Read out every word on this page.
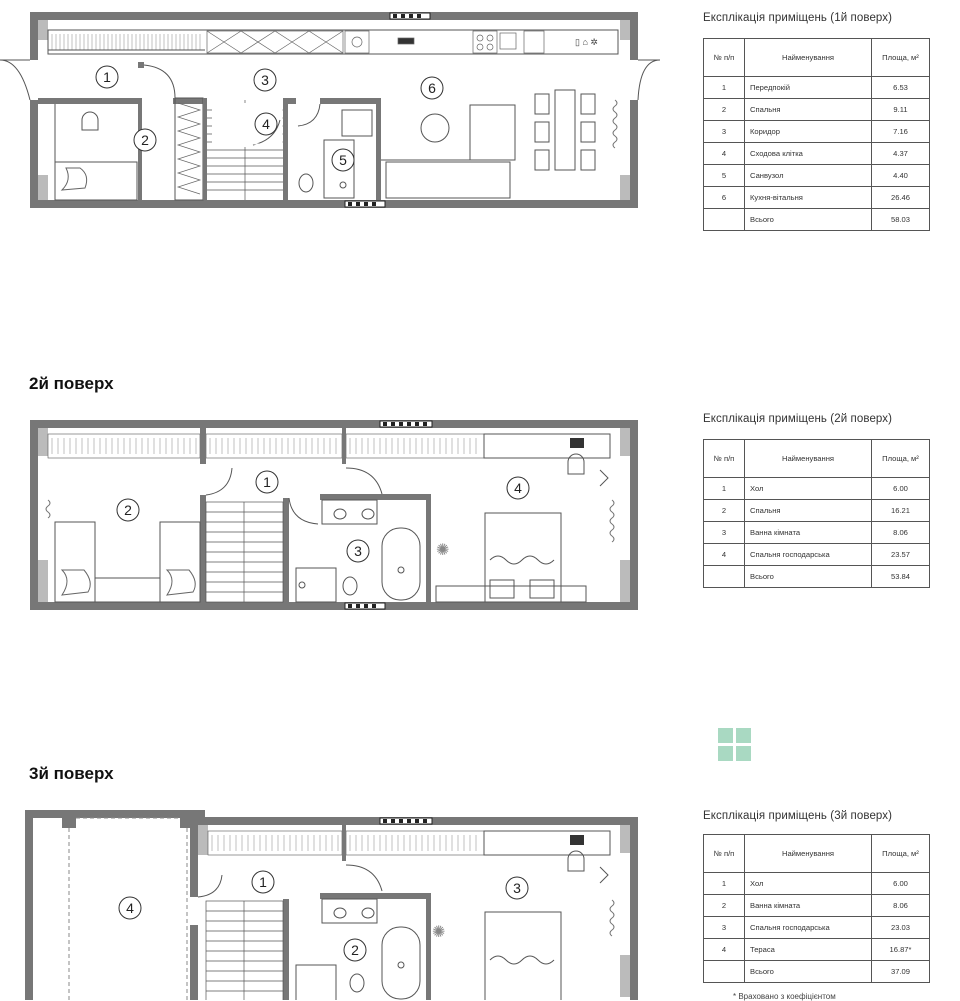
▯ ⌂ ✲
1
2
3
4
5
6
Експлікація приміщень (1й поверх)
№ п/п	Найменування	Площа, м²
1	Передпокій	6.53
2	Спальня	9.11
3	Коридор	7.16
4	Сходова клітка	4.37
5	Санвузол	4.40
6	Кухня-вітальня	26.46
	Всього	58.03
2й поверх
✺
1
2
3
4
Експлікація приміщень (2й поверх)
№ п/п	Найменування	Площа, м²
1	Хол	6.00
2	Спальня	16.21
3	Ванна кімната	8.06
4	Спальня господарська	23.57
	Всього	53.84
3й поверх
✺
1
2
3
4
Експлікація приміщень (3й поверх)
№ п/п	Найменування	Площа, м²
1	Хол	6.00
2	Ванна кімната	8.06
3	Спальня господарська	23.03
4	Тераса	16.87*
	Всього	37.09
* Враховано з коефіцієнтом
